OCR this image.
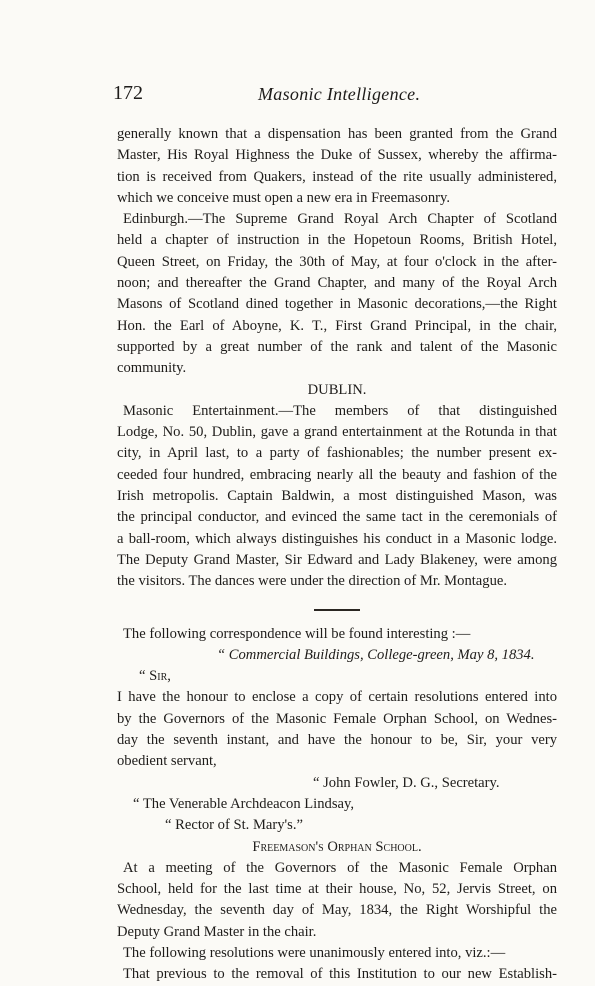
172	Masonic Intelligence.
generally known that a dispensation has been granted from the Grand
Master, His Royal Highness the Duke of Sussex, whereby the affirma-
tion is received from Quakers, instead of the rite usually administered,
which we conceive must open a new era in Freemasonry.
Edinburgh.—The Supreme Grand Royal Arch Chapter of Scotland
held a chapter of instruction in the Hopetoun Rooms, British Hotel,
Queen Street, on Friday, the 30th of May, at four o'clock in the after-
noon; and thereafter the Grand Chapter, and many of the Royal Arch
Masons of Scotland dined together in Masonic decorations,—the Right
Hon. the Earl of Aboyne, K. T., First Grand Principal, in the chair,
supported by a great number of the rank and talent of the Masonic
community.
DUBLIN.
Masonic Entertainment.—The members of that distinguished
Lodge, No. 50, Dublin, gave a grand entertainment at the Rotunda in that
city, in April last, to a party of fashionables; the number present ex-
ceeded four hundred, embracing nearly all the beauty and fashion of the
Irish metropolis. Captain Baldwin, a most distinguished Mason, was
the principal conductor, and evinced the same tact in the ceremonials of
a ball-room, which always distinguishes his conduct in a Masonic lodge.
The Deputy Grand Master, Sir Edward and Lady Blakeney, were among
the visitors. The dances were under the direction of Mr. Montague.
The following correspondence will be found interesting :—
“ Commercial Buildings, College-green, May 8, 1834.
“ Sir,
I have the honour to enclose a copy of certain resolutions entered into
by the Governors of the Masonic Female Orphan School, on Wednes-
day the seventh instant, and have the honour to be, Sir, your very
obedient servant,
“ John Fowler, D. G., Secretary.
“ The Venerable Archdeacon Lindsay,
“ Rector of St. Mary's.”
Freemason's Orphan School.
At a meeting of the Governors of the Masonic Female Orphan
School, held for the last time at their house, No, 52, Jervis Street, on
Wednesday, the seventh day of May, 1834, the Right Worshipful the
Deputy Grand Master in the chair.
The following resolutions were unanimously entered into, viz.:—
That previous to the removal of this Institution to our new Establish-
